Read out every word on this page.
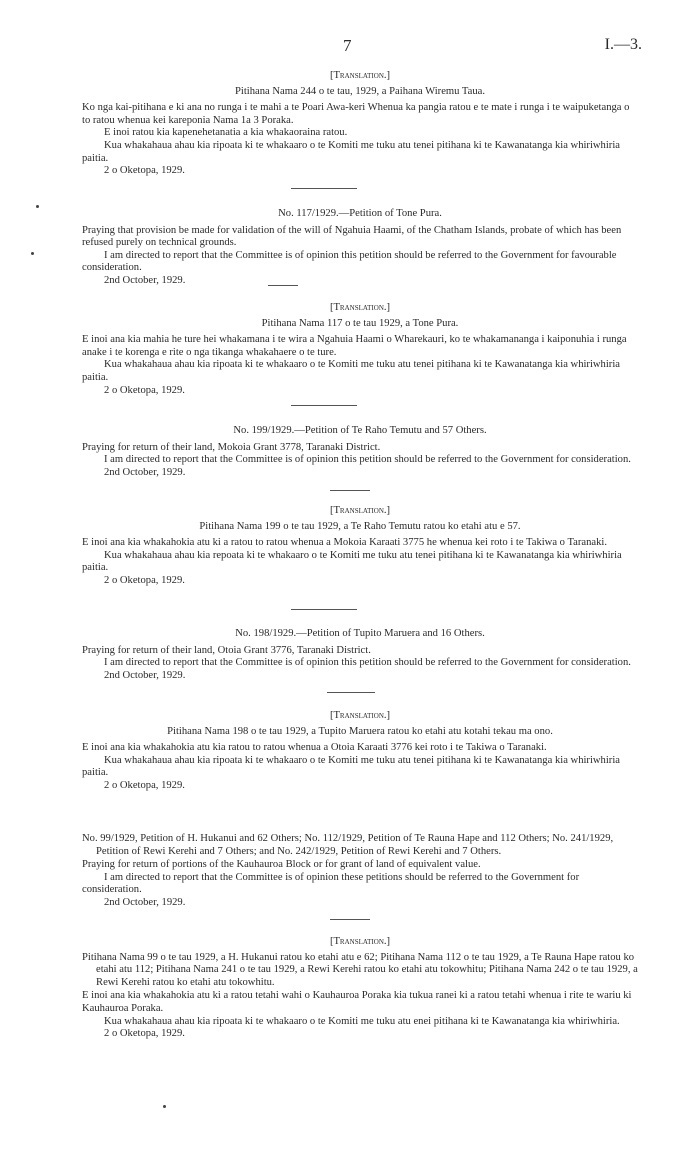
7	I.—3.

[Translation.]

Pitihana Nama 244 o te tau, 1929, a Paihana Wiremu Taua.

Ko nga kai-pitihana e ki ana no runga i te mahi a te Poari Awa-keri Whenua ka pangia ratou e te mate i runga i te waipuketanga o to ratou whenua kei kareponia Nama 1a 3 Poraka.

E inoi ratou kia kapenehetanatia a kia whakaoraina ratou.

Kua whakahaua ahau kia ripoata ki te whakaaro o te Komiti me tuku atu tenei pitihana ki te Kawanatanga kia whiriwhiria paitia.

2 o Oketopa, 1929.

No. 117/1929.—Petition of Tone Pura.

Praying that provision be made for validation of the will of Ngahuia Haami, of the Chatham Islands, probate of which has been refused purely on technical grounds.

I am directed to report that the Committee is of opinion this petition should be referred to the Government for favourable consideration.

2nd October, 1929.

[Translation.]

Pitihana Nama 117 o te tau 1929, a Tone Pura.

E inoi ana kia mahia he ture hei whakamana i te wira a Ngahuia Haami o Wharekauri, ko te whakamananga i kaiponuhia i runga anake i te korenga e rite o nga tikanga whakahaere o te ture.

Kua whakahaua ahau kia ripoata ki te whakaaro o te Komiti me tuku atu tenei pitihana ki te Kawanatanga kia whiriwhiria paitia.

2 o Oketopa, 1929.

No. 199/1929.—Petition of Te Raho Temutu and 57 Others.

Praying for return of their land, Mokoia Grant 3778, Taranaki District.

I am directed to report that the Committee is of opinion this petition should be referred to the Government for consideration.

2nd October, 1929.

[Translation.]

Pitihana Nama 199 o te tau 1929, a Te Raho Temutu ratou ko etahi atu e 57.

E inoi ana kia whakahokia atu ki a ratou to ratou whenua a Mokoia Karaati 3775 he whenua kei roto i te Takiwa o Taranaki.

Kua whakahaua ahau kia repoata ki te whakaaro o te Komiti me tuku atu tenei pitihana ki te Kawanatanga kia whiriwhiria paitia.

2 o Oketopa, 1929.

No. 198/1929.—Petition of Tupito Maruera and 16 Others.

Praying for return of their land, Otoia Grant 3776, Taranaki District.

I am directed to report that the Committee is of opinion this petition should be referred to the Government for consideration.

2nd October, 1929.

[Translation.]

Pitihana Nama 198 o te tau 1929, a Tupito Maruera ratou ko etahi atu kotahi tekau ma ono.

E inoi ana kia whakahokia atu kia ratou to ratou whenua a Otoia Karaati 3776 kei roto i te Takiwa o Taranaki.

Kua whakahaua ahau kia ripoata ki te whakaaro o te Komiti me tuku atu tenei pitihana ki te Kawanatanga kia whiriwhiria paitia.

2 o Oketopa, 1929.

No. 99/1929, Petition of H. Hukanui and 62 Others; No. 112/1929, Petition of Te Rauna Hape and 112 Others; No. 241/1929, Petition of Rewi Kerehi and 7 Others; and No. 242/1929, Petition of Rewi Kerehi and 7 Others.

Praying for return of portions of the Kauhauroa Block or for grant of land of equivalent value.

I am directed to report that the Committee is of opinion these petitions should be referred to the Government for consideration.

2nd October, 1929.

[Translation.]

Pitihana Nama 99 o te tau 1929, a H. Hukanui ratou ko etahi atu e 62; Pitihana Nama 112 o te tau 1929, a Te Rauna Hape ratou ko etahi atu 112; Pitihana Nama 241 o te tau 1929, a Rewi Kerehi ratou ko etahi atu tokowhitu; Pitihana Nama 242 o te tau 1929, a Rewi Kerehi ratou ko etahi atu tokowhitu.

E inoi ana kia whakahokia atu ki a ratou tetahi wahi o Kauhauroa Poraka kia tukua ranei ki a ratou tetahi whenua i rite te wariu ki Kauhauroa Poraka.

Kua whakahaua ahau kia ripoata ki te whakaaro o te Komiti me tuku atu enei pitihana ki te Kawanatanga kia whiriwhiria.

2 o Oketopa, 1929.
